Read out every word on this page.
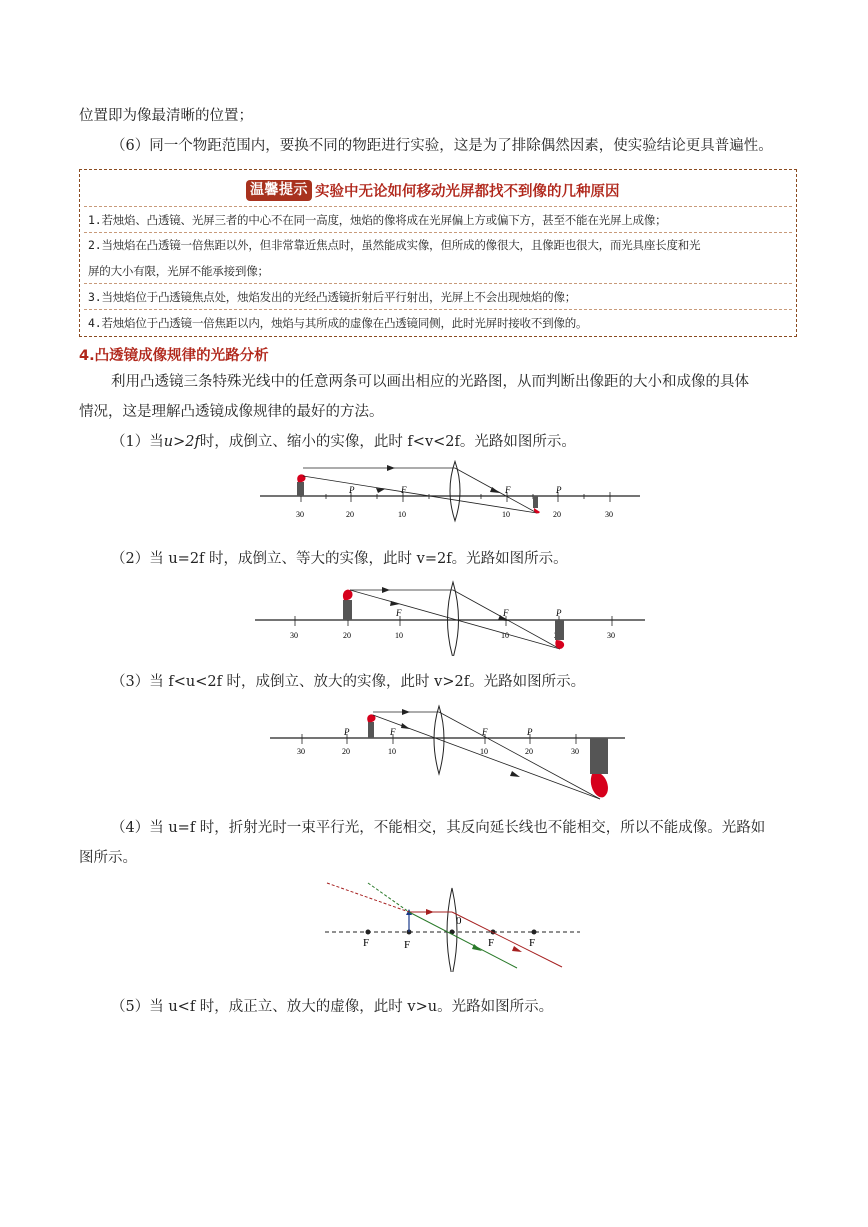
位置即为像最清晰的位置；
（6）同一个物距范围内，要换不同的物距进行实验，这是为了排除偶然因素，使实验结论更具普遍性。
温馨提示 实验中无论如何移动光屏都找不到像的几种原因
1.若烛焰、凸透镜、光屏三者的中心不在同一高度，烛焰的像将成在光屏偏上方或偏下方，甚至不能在光屏上成像；
2.当烛焰在凸透镜一倍焦距以外，但非常靠近焦点时，虽然能成实像，但所成的像很大，且像距也很大，而光具座长度和光
屏的大小有限，光屏不能承接到像；
3.当烛焰位于凸透镜焦点处，烛焰发出的光经凸透镜折射后平行射出，光屏上不会出现烛焰的像；
4.若烛焰位于凸透镜一倍焦距以内，烛焰与其所成的虚像在凸透镜同侧，此时光屏时接收不到像的。
4.凸透镜成像规律的光路分析
利用凸透镜三条特殊光线中的任意两条可以画出相应的光路图，从而判断出像距的大小和成像的具体
情况，这是理解凸透镜成像规律的最好的方法。
（1）当u>2f时，成倒立、缩小的实像，此时 f<v<2f。光路如图所示。
30	20	10	10	20	30
P	F	F	P
（2）当 u=2f 时，成倒立、等大的实像，此时 v=2f。光路如图所示。
30	20	10	10	30
F	F	P
（3）当 f<u<2f 时，成倒立、放大的实像，此时 v>2f。光路如图所示。
30	20	10	10	20	30
P	F	F	P
（4）当 u=f 时，折射光时一束平行光，不能相交，其反向延长线也不能相交，所以不能成像。光路如
图所示。
F	F
0
F	F
（5）当 u<f 时，成正立、放大的虚像，此时 v>u。光路如图所示。
